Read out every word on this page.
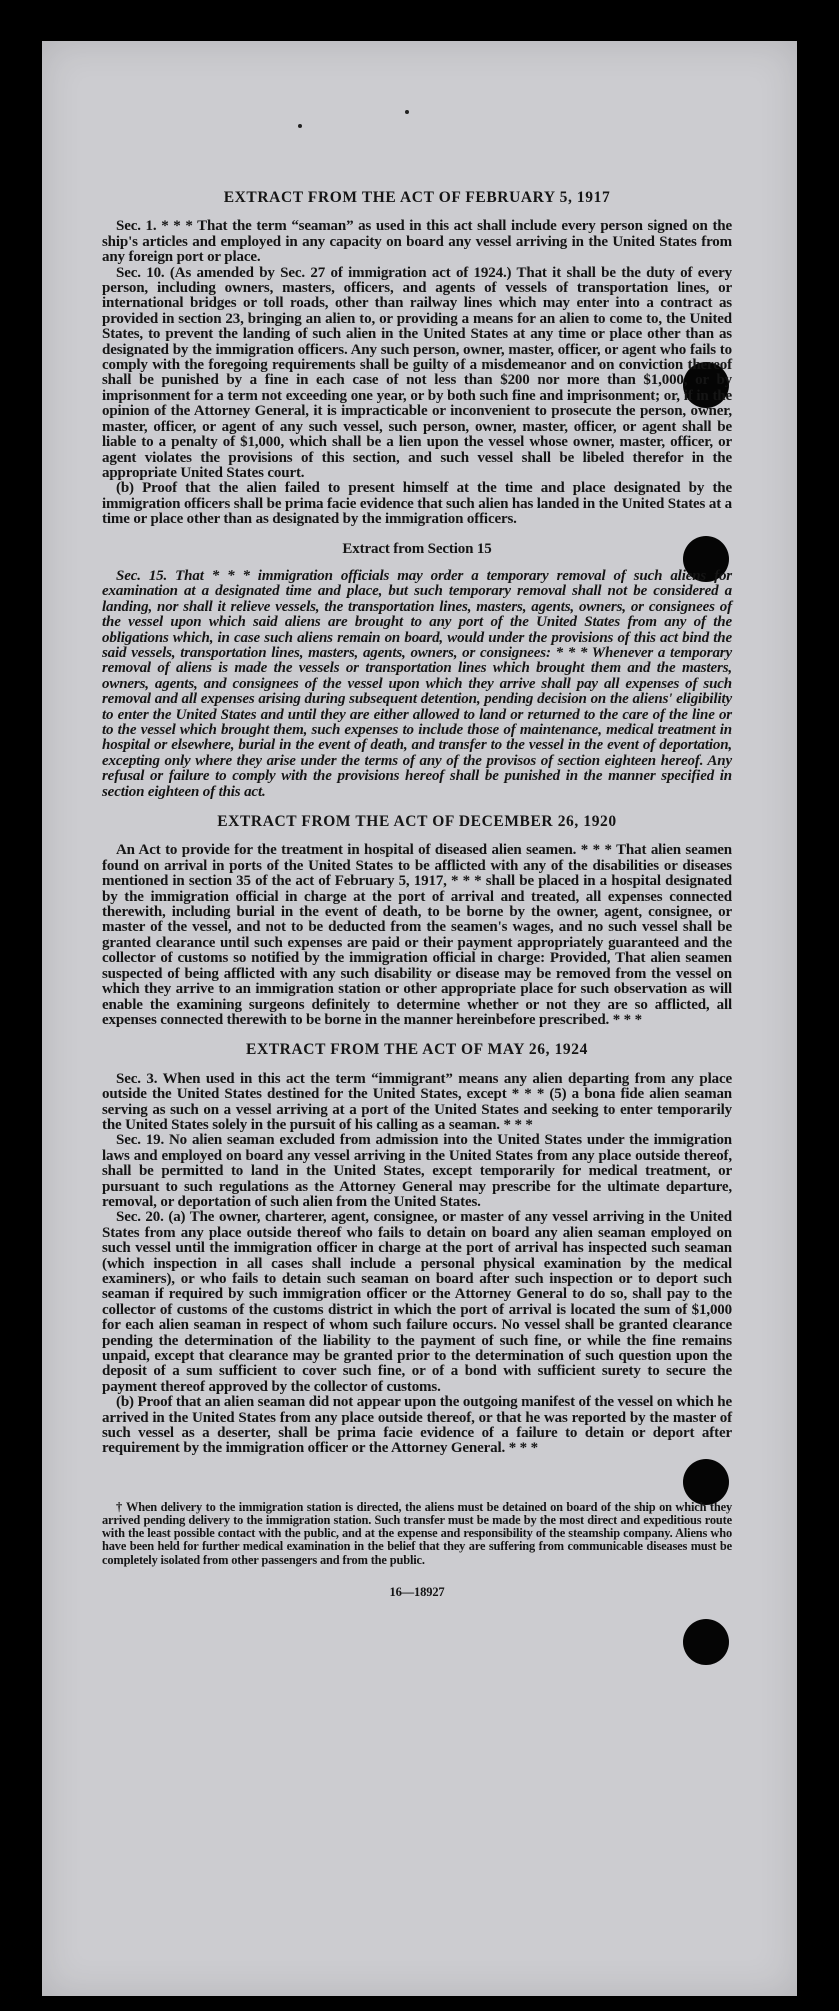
EXTRACT FROM THE ACT OF FEBRUARY 5, 1917

Sec. 1. * * * That the term “seaman” as used in this act shall include every person signed on the ship's articles and employed in any capacity on board any vessel arriving in the United States from any foreign port or place.

Sec. 10. (As amended by Sec. 27 of immigration act of 1924.) That it shall be the duty of every person, including owners, masters, officers, and agents of vessels of transportation lines, or international bridges or toll roads, other than railway lines which may enter into a contract as provided in section 23, bringing an alien to, or providing a means for an alien to come to, the United States, to prevent the landing of such alien in the United States at any time or place other than as designated by the immigration officers. Any such person, owner, master, officer, or agent who fails to comply with the foregoing requirements shall be guilty of a misdemeanor and on conviction thereof shall be punished by a fine in each case of not less than $200 nor more than $1,000, or by imprisonment for a term not exceeding one year, or by both such fine and imprisonment; or, if in the opinion of the Attorney General, it is impracticable or inconvenient to prosecute the person, owner, master, officer, or agent of any such vessel, such person, owner, master, officer, or agent shall be liable to a penalty of $1,000, which shall be a lien upon the vessel whose owner, master, officer, or agent violates the provisions of this section, and such vessel shall be libeled therefor in the appropriate United States court.

(b) Proof that the alien failed to present himself at the time and place designated by the immigration officers shall be prima facie evidence that such alien has landed in the United States at a time or place other than as designated by the immigration officers.

Extract from Section 15

Sec. 15. That * * * immigration officials may order a temporary removal of such aliens for examination at a designated time and place, but such temporary removal shall not be considered a landing, nor shall it relieve vessels, the transportation lines, masters, agents, owners, or consignees of the vessel upon which said aliens are brought to any port of the United States from any of the obligations which, in case such aliens remain on board, would under the provisions of this act bind the said vessels, transportation lines, masters, agents, owners, or consignees: * * * Whenever a temporary removal of aliens is made the vessels or transportation lines which brought them and the masters, owners, agents, and consignees of the vessel upon which they arrive shall pay all expenses of such removal and all expenses arising during subsequent detention, pending decision on the aliens' eligibility to enter the United States and until they are either allowed to land or returned to the care of the line or to the vessel which brought them, such expenses to include those of maintenance, medical treatment in hospital or elsewhere, burial in the event of death, and transfer to the vessel in the event of deportation, excepting only where they arise under the terms of any of the provisos of section eighteen hereof. Any refusal or failure to comply with the provisions hereof shall be punished in the manner specified in section eighteen of this act.

EXTRACT FROM THE ACT OF DECEMBER 26, 1920

An Act to provide for the treatment in hospital of diseased alien seamen. * * * That alien seamen found on arrival in ports of the United States to be afflicted with any of the disabilities or diseases mentioned in section 35 of the act of February 5, 1917, * * * shall be placed in a hospital designated by the immigration official in charge at the port of arrival and treated, all expenses connected therewith, including burial in the event of death, to be borne by the owner, agent, consignee, or master of the vessel, and not to be deducted from the seamen's wages, and no such vessel shall be granted clearance until such expenses are paid or their payment appropriately guaranteed and the collector of customs so notified by the immigration official in charge: Provided, That alien seamen suspected of being afflicted with any such disability or disease may be removed from the vessel on which they arrive to an immigration station or other appropriate place for such observation as will enable the examining surgeons definitely to determine whether or not they are so afflicted, all expenses connected therewith to be borne in the manner hereinbefore prescribed. * * *

EXTRACT FROM THE ACT OF MAY 26, 1924

Sec. 3. When used in this act the term “immigrant” means any alien departing from any place outside the United States destined for the United States, except * * * (5) a bona fide alien seaman serving as such on a vessel arriving at a port of the United States and seeking to enter temporarily the United States solely in the pursuit of his calling as a seaman. * * *

Sec. 19. No alien seaman excluded from admission into the United States under the immigration laws and employed on board any vessel arriving in the United States from any place outside thereof, shall be permitted to land in the United States, except temporarily for medical treatment, or pursuant to such regulations as the Attorney General may prescribe for the ultimate departure, removal, or deportation of such alien from the United States.

Sec. 20. (a) The owner, charterer, agent, consignee, or master of any vessel arriving in the United States from any place outside thereof who fails to detain on board any alien seaman employed on such vessel until the immigration officer in charge at the port of arrival has inspected such seaman (which inspection in all cases shall include a personal physical examination by the medical examiners), or who fails to detain such seaman on board after such inspection or to deport such seaman if required by such immigration officer or the Attorney General to do so, shall pay to the collector of customs of the customs district in which the port of arrival is located the sum of $1,000 for each alien seaman in respect of whom such failure occurs. No vessel shall be granted clearance pending the determination of the liability to the payment of such fine, or while the fine remains unpaid, except that clearance may be granted prior to the determination of such question upon the deposit of a sum sufficient to cover such fine, or of a bond with sufficient surety to secure the payment thereof approved by the collector of customs.

(b) Proof that an alien seaman did not appear upon the outgoing manifest of the vessel on which he arrived in the United States from any place outside thereof, or that he was reported by the master of such vessel as a deserter, shall be prima facie evidence of a failure to detain or deport after requirement by the immigration officer or the Attorney General. * * *

† When delivery to the immigration station is directed, the aliens must be detained on board of the ship on which they arrived pending delivery to the immigration station. Such transfer must be made by the most direct and expeditious route with the least possible contact with the public, and at the expense and responsibility of the steamship company. Aliens who have been held for further medical examination in the belief that they are suffering from communicable diseases must be completely isolated from other passengers and from the public.
16—18927
